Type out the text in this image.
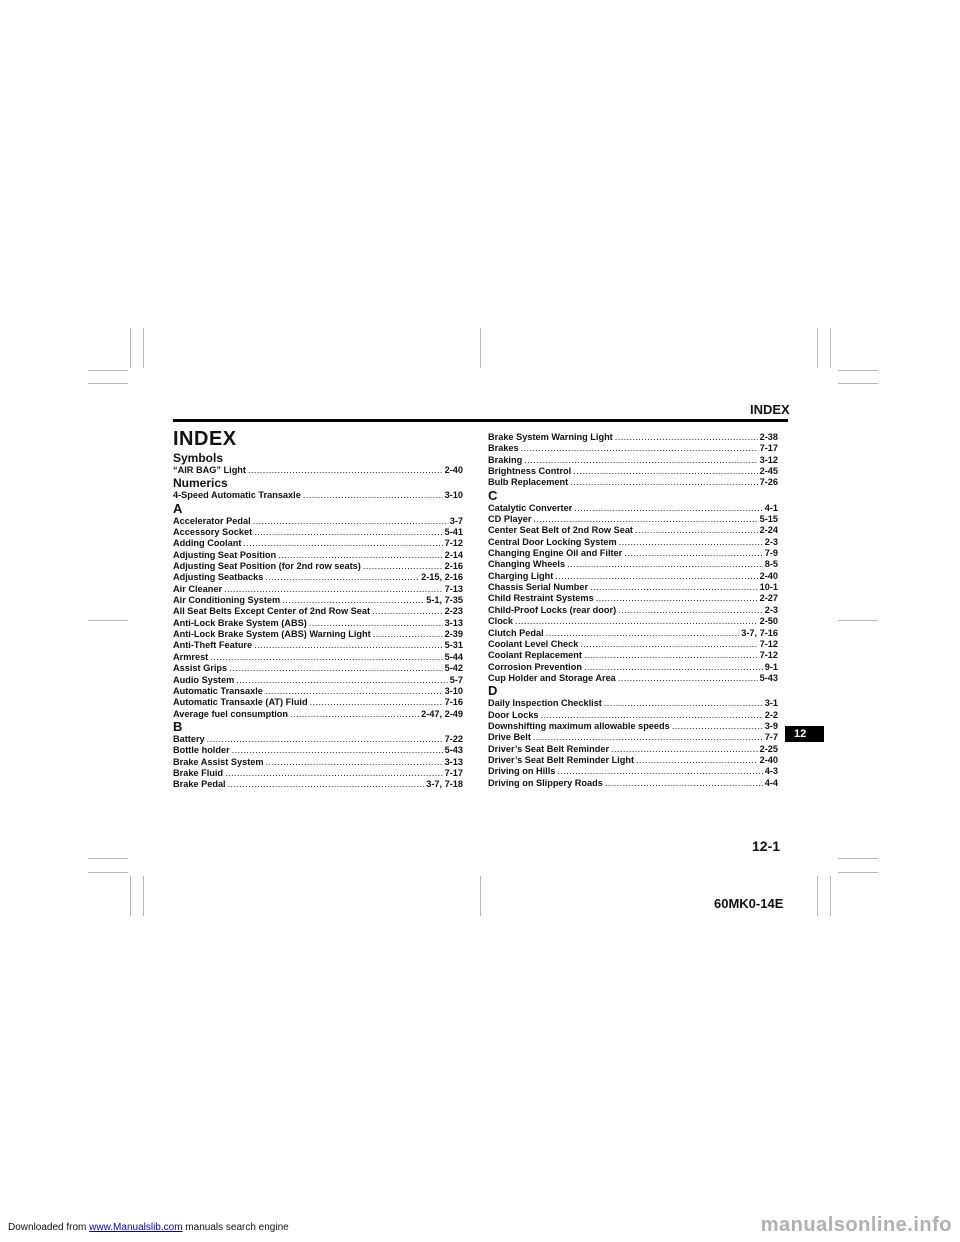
INDEX
INDEX
Symbols
“AIR BAG” Light .....	2-40
Numerics
4-Speed Automatic Transaxle .....	3-10
A
Accelerator Pedal .....	3-7
Accessory Socket .....	5-41
Adding Coolant .....	7-12
Adjusting Seat Position .....	2-14
Adjusting Seat Position (for 2nd row seats) .....	2-16
Adjusting Seatbacks .....	2-15, 2-16
Air Cleaner .....	7-13
Air Conditioning System .....	5-1, 7-35
All Seat Belts Except Center of 2nd Row Seat .....	2-23
Anti-Lock Brake System (ABS) .....	3-13
Anti-Lock Brake System (ABS) Warning Light .....	2-39
Anti-Theft Feature .....	5-31
Armrest .....	5-44
Assist Grips .....	5-42
Audio System .....	5-7
Automatic Transaxle .....	3-10
Automatic Transaxle (AT) Fluid .....	7-16
Average fuel consumption .....	2-47, 2-49
B
Battery .....	7-22
Bottle holder .....	5-43
Brake Assist System .....	3-13
Brake Fluid .....	7-17
Brake Pedal .....	3-7, 7-18
Brake System Warning Light .....	2-38
Brakes .....	7-17
Braking .....	3-12
Brightness Control .....	2-45
Bulb Replacement .....	7-26
C
Catalytic Converter .....	4-1
CD Player .....	5-15
Center Seat Belt of 2nd Row Seat .....	2-24
Central Door Locking System .....	2-3
Changing Engine Oil and Filter .....	7-9
Changing Wheels .....	8-5
Charging Light .....	2-40
Chassis Serial Number .....	10-1
Child Restraint Systems .....	2-27
Child-Proof Locks (rear door) .....	2-3
Clock .....	2-50
Clutch Pedal .....	3-7, 7-16
Coolant Level Check .....	7-12
Coolant Replacement .....	7-12
Corrosion Prevention .....	9-1
Cup Holder and Storage Area .....	5-43
D
Daily Inspection Checklist .....	3-1
Door Locks .....	2-2
Downshifting maximum allowable speeds .....	3-9
Drive Belt .....	7-7
Driver’s Seat Belt Reminder .....	2-25
Driver’s Seat Belt Reminder Light .....	2-40
Driving on Hills .....	4-3
Driving on Slippery Roads .....	4-4
12
12-1
60MK0-14E
Downloaded from www.Manualslib.com manuals search engine	manualsonline.info
